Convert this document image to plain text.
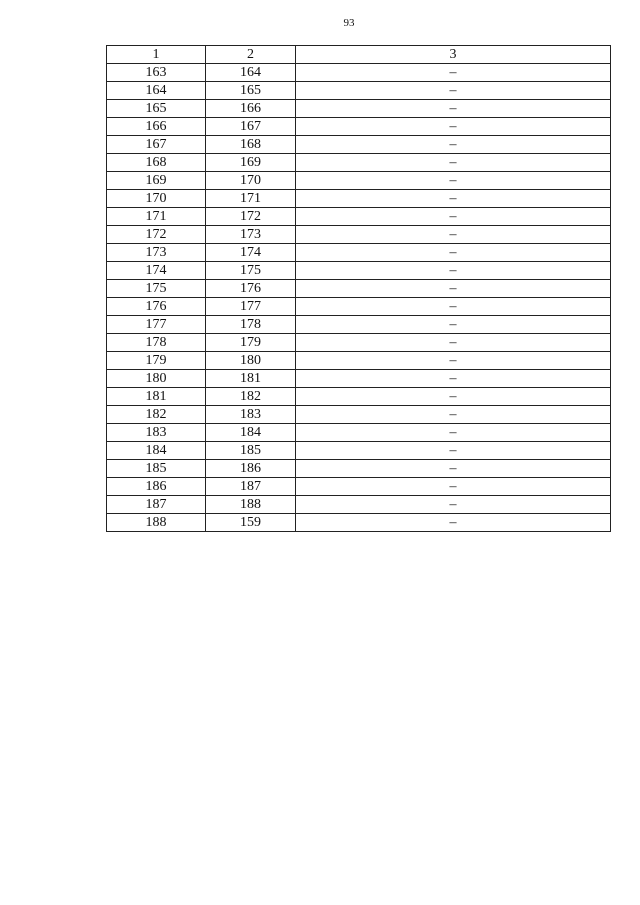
93
1	2	3
163	164	–
164	165	–
165	166	–
166	167	–
167	168	–
168	169	–
169	170	–
170	171	–
171	172	–
172	173	–
173	174	–
174	175	–
175	176	–
176	177	–
177	178	–
178	179	–
179	180	–
180	181	–
181	182	–
182	183	–
183	184	–
184	185	–
185	186	–
186	187	–
187	188	–
188	159	–
